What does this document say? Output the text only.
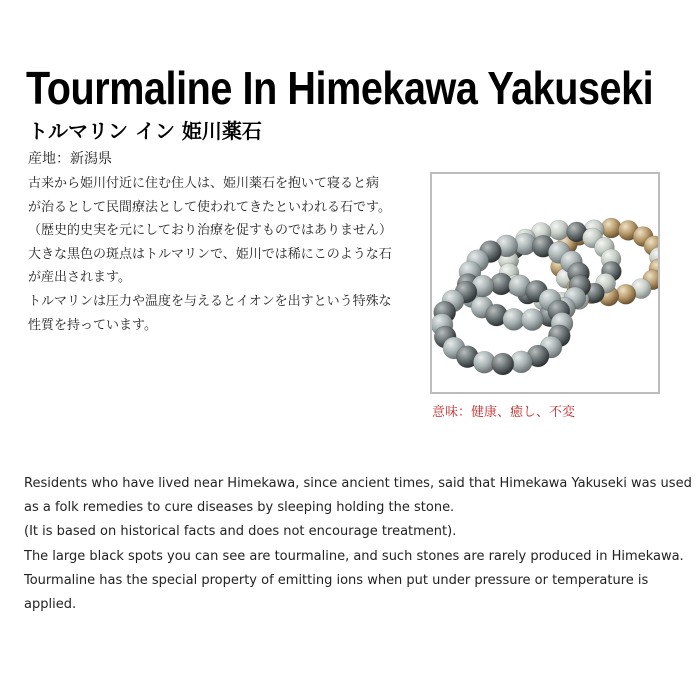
Tourmaline In Himekawa Yakuseki
トルマリン イン 姫川薬石
産地：新潟県
古来から姫川付近に住む住人は、姫川薬石を抱いて寝ると病
が治るとして民間療法として使われてきたといわれる石です。
（歴史的史実を元にしており治療を促すものではありません）
大きな黒色の斑点はトルマリンで、姫川では稀にこのような石
が産出されます。
トルマリンは圧力や温度を与えるとイオンを出すという特殊な
性質を持っています。
意味：健康、癒し、不変
Residents who have lived near Himekawa, since ancient times, said that Himekawa Yakuseki was used
as a folk remedies to cure diseases by sleeping holding the stone.
(It is based on historical facts and does not encourage treatment).
The large black spots you can see are tourmaline, and such stones are rarely produced in Himekawa.
Tourmaline has the special property of emitting ions when put under pressure or temperature is
applied.
